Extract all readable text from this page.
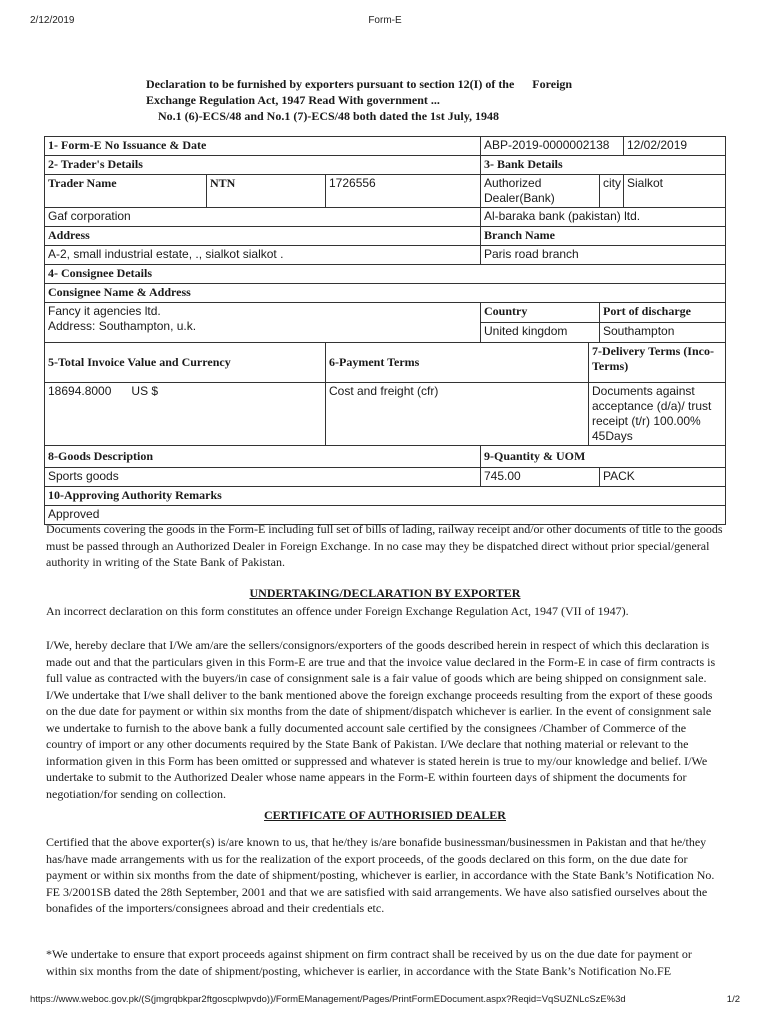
2/12/2019	Form-E
Declaration to be furnished by exporters pursuant to section 12(I) of the      Foreign
Exchange Regulation Act, 1947 Read With government ...
No.1 (6)-ECS/48 and No.1 (7)-ECS/48 both dated the 1st July, 1948
1- Form-E No Issuance & Date			ABP-2019-0000002138			12/02/2019
2- Trader's Details			3- Bank Details			
Trader Name	NTN	1726556	Authorized Dealer(Bank)		city	Sialkot
Gaf corporation			Al-baraka bank (pakistan) ltd.			
Address			Branch Name			
A-2, small industrial estate, ., sialkot sialkot .			Paris road branch			
4- Consignee Details						
Consignee Name & Address						

Fancy it agencies ltd.
Address: Southampton, u.k.			Country		Port of discharge	
			United kingdom		Southampton	
5-Total Invoice Value and Currency		6-Payment Terms		7-Delivery Terms (Inco-Terms)		
18694.8000 US $		Cost and freight (cfr)		Documents against acceptance (d/a)/ trust receipt (t/r) 100.00% 45Days		
8-Goods Description			9-Quantity & UOM			
Sports goods			745.00		PACK	
10-Approving Authority Remarks						
Approved						
Documents covering the goods in the Form-E including full set of bills of lading, railway receipt and/or other documents of title to the goods must be passed through an Authorized Dealer in Foreign Exchange. In no case may they be dispatched direct without prior special/general authority in writing of the State Bank of Pakistan.
UNDERTAKING/DECLARATION BY EXPORTER
An incorrect declaration on this form constitutes an offence under Foreign Exchange Regulation Act, 1947 (VII of 1947).
I/We, hereby declare that I/We am/are the sellers/consignors/exporters of the goods described herein in respect of which this declaration is made out and that the particulars given in this Form-E are true and that the invoice value declared in the Form-E in case of firm contracts is full value as contracted with the buyers/in case of consignment sale is a fair value of goods which are being shipped on consignment sale. I/We undertake that I/we shall deliver to the bank mentioned above the foreign exchange proceeds resulting from the export of these goods on the due date for payment or within six months from the date of shipment/dispatch whichever is earlier. In the event of consignment sale we undertake to furnish to the above bank a fully documented account sale certified by the consignees /Chamber of Commerce of the country of import or any other documents required by the State Bank of Pakistan. I/We declare that nothing material or relevant to the information given in this Form has been omitted or suppressed and whatever is stated herein is true to my/our knowledge and belief. I/We undertake to submit to the Authorized Dealer whose name appears in the Form-E within fourteen days of shipment the documents for negotiation/for sending on collection.
CERTIFICATE OF AUTHORISIED DEALER
Certified that the above exporter(s) is/are known to us, that he/they is/are bonafide businessman/businessmen in Pakistan and that he/they has/have made arrangements with us for the realization of the export proceeds, of the goods declared on this form, on the due date for payment or within six months from the date of shipment/posting, whichever is earlier, in accordance with the State Bank’s Notification No. FE 3/2001SB dated the 28th September, 2001 and that we are satisfied with said arrangements. We have also satisfied ourselves about the bonafides of the importers/consignees abroad and their credentials etc.
*We undertake to ensure that export proceeds against shipment on firm contract shall be received by us on the due date for payment or within six months from the date of shipment/posting, whichever is earlier, in accordance with the State Bank’s Notification No.FE
https://www.weboc.gov.pk/(S(jmgrqbkpar2ftgoscplwpvdo))/FormEManagement/Pages/PrintFormEDocument.aspx?Reqid=VqSUZNLcSzE%3d	1/2
